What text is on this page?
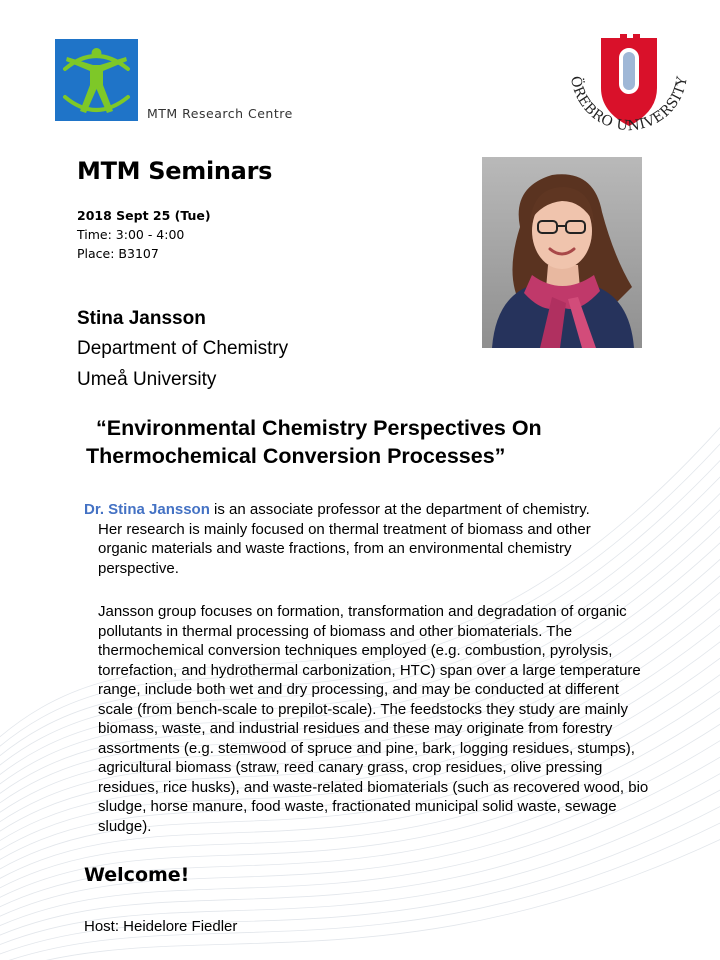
MTM Research Centre
ÖREBRO UNIVERSITY
MTM Seminars
2018 Sept 25 (Tue)
Time: 3:00 - 4:00
Place: B3107
Stina Jansson
Department of Chemistry
Umeå University
“Environmental Chemistry Perspectives On
Thermochemical Conversion Processes”
Dr. Stina Jansson is an associate professor at the department of chemistry.
Her research is mainly focused on thermal treatment of biomass and other organic materials and waste fractions, from an environmental chemistry perspective.
Jansson group focuses on formation, transformation and degradation of organic pollutants in thermal processing of biomass and other biomaterials. The thermochemical conversion techniques employed (e.g. combustion, pyrolysis, torrefaction, and hydrothermal carbonization, HTC) span over a large temperature range, include both wet and dry processing, and may be conducted at different scale (from bench-scale to prepilot-scale). The feedstocks they study are mainly biomass, waste, and industrial residues and these may originate from forestry assortments (e.g. stemwood of spruce and pine, bark, logging residues, stumps), agricultural biomass (straw, reed canary grass, crop residues, olive pressing residues, rice husks), and waste-related biomaterials (such as recovered wood, bio sludge, horse manure, food waste, fractionated municipal solid waste, sewage sludge).
Welcome!
Host: Heidelore Fiedler
